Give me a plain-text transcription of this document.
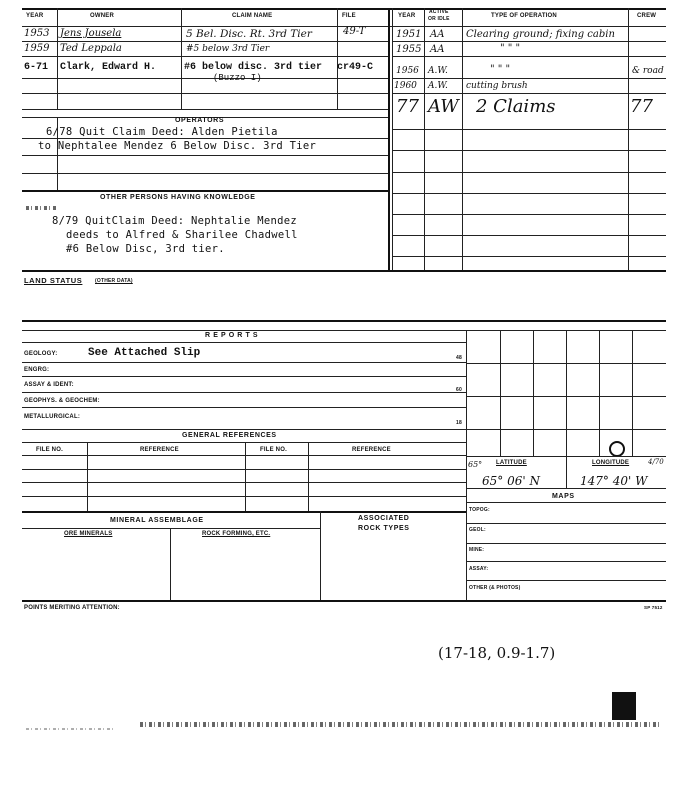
YEAR	OWNER	CLAIM NAME	FILE	YEAR
ACTIVE
OR IDLE	TYPE OF OPERATION	CREW
1953 Jens Jousela	5 Bel. Disc. Rt. 3rd Tier	49-T
1959 Ted Leppala	#5 below 3rd Tier
6-71 Clark, Edward H.	#6 below disc. 3rd tier cr49-C
(Buzzo I)
1951 AA Clearing ground; fixing cabin
1955 AA	" " "
1956 A.W.	" " "	& road
1960 A.W. cutting brush
77 AW 2 Claims	77
OPERATORS
6/78 Quit Claim Deed: Alden Pietila
to Nephtalee Mendez 6 Below Disc. 3rd Tier
OTHER PERSONS HAVING KNOWLEDGE
8/79 QuitClaim Deed: Nephtalie Mendez
deeds to Alfred & Sharilee Chadwell
#6 Below Disc, 3rd tier.
LAND STATUS	(OTHER DATA)
R E P O R T S
GEOLOGY:	See Attached Slip	48
ENGRG:
ASSAY & IDENT:
60
GEOPHYS. & GEOCHEM:
METALLURGICAL:
18
GENERAL REFERENCES
FILE NO.	REFERENCE	FILE NO.	REFERENCE
65° LATITUDE	LONGITUDE	4/70
65° 06' N	147° 40' W
MAPS
TOPOG:
GEOL:
MINE:
ASSAY:
OTHER (& PHOTOS)
MINERAL ASSEMBLAGE	ASSOCIATED
ROCK TYPES
ORE MINERALS	ROCK FORMING, ETC.
POINTS MERITING ATTENTION:	SP 7512
(17-18, 0.9-1.7)
